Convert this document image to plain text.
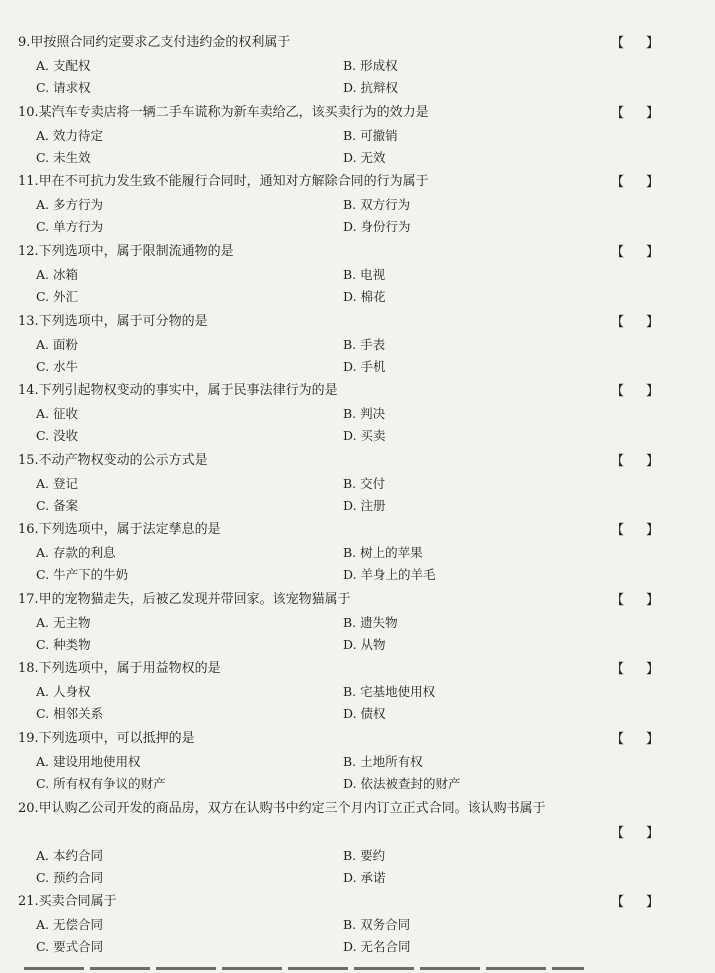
9.甲按照合同约定要求乙支付违约金的权利属于	【 】
A. 支配权	B. 形成权
C. 请求权	D. 抗辩权
10.某汽车专卖店将一辆二手车谎称为新车卖给乙，该买卖行为的效力是	【 】
A. 效力待定	B. 可撤销
C. 未生效	D. 无效
11.甲在不可抗力发生致不能履行合同时，通知对方解除合同的行为属于	【 】
A. 多方行为	B. 双方行为
C. 单方行为	D. 身份行为
12.下列选项中，属于限制流通物的是	【 】
A. 冰箱	B. 电视
C. 外汇	D. 棉花
13.下列选项中，属于可分物的是	【 】
A. 面粉	B. 手表
C. 水牛	D. 手机
14.下列引起物权变动的事实中，属于民事法律行为的是	【 】
A. 征收	B. 判决
C. 没收	D. 买卖
15.不动产物权变动的公示方式是	【 】
A. 登记	B. 交付
C. 备案	D. 注册
16.下列选项中，属于法定孳息的是	【 】
A. 存款的利息	B. 树上的苹果
C. 牛产下的牛奶	D. 羊身上的羊毛
17.甲的宠物猫走失，后被乙发现并带回家。该宠物猫属于	【 】
A. 无主物	B. 遗失物
C. 种类物	D. 从物
18.下列选项中，属于用益物权的是	【 】
A. 人身权	B. 宅基地使用权
C. 相邻关系	D. 债权
19.下列选项中，可以抵押的是	【 】
A. 建设用地使用权	B. 土地所有权
C. 所有权有争议的财产	D. 依法被查封的财产
20.甲认购乙公司开发的商品房，双方在认购书中约定三个月内订立正式合同。该认购书属于
【 】
A. 本约合同	B. 要约
C. 预约合同	D. 承诺
21.买卖合同属于	【 】
A. 无偿合同	B. 双务合同
C. 要式合同	D. 无名合同
